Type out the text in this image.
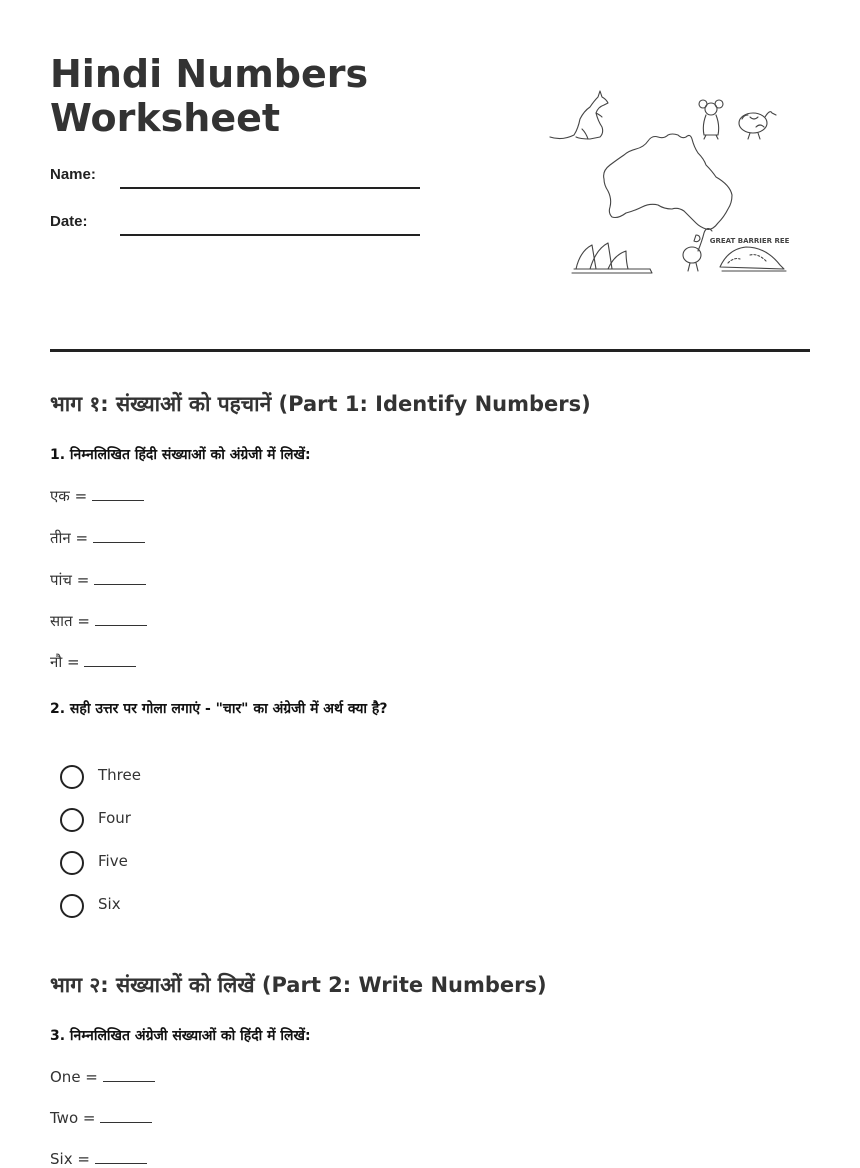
Hindi Numbers
Worksheet
Name:
Date:
GREAT BARRIER REEF
भाग १: संख्याओं को पहचानें (Part 1: Identify Numbers)

1. निम्नलिखित हिंदी संख्याओं को अंग्रेजी में लिखें:

एक =
तीन =
पांच =
सात =
नौ =

2. सही उत्तर पर गोला लगाएं - "चार" का अंग्रेजी में अर्थ क्या है?

Three
Four
Five
Six
भाग २: संख्याओं को लिखें (Part 2: Write Numbers)

3. निम्नलिखित अंग्रेजी संख्याओं को हिंदी में लिखें:

One =
Two =
Six =
